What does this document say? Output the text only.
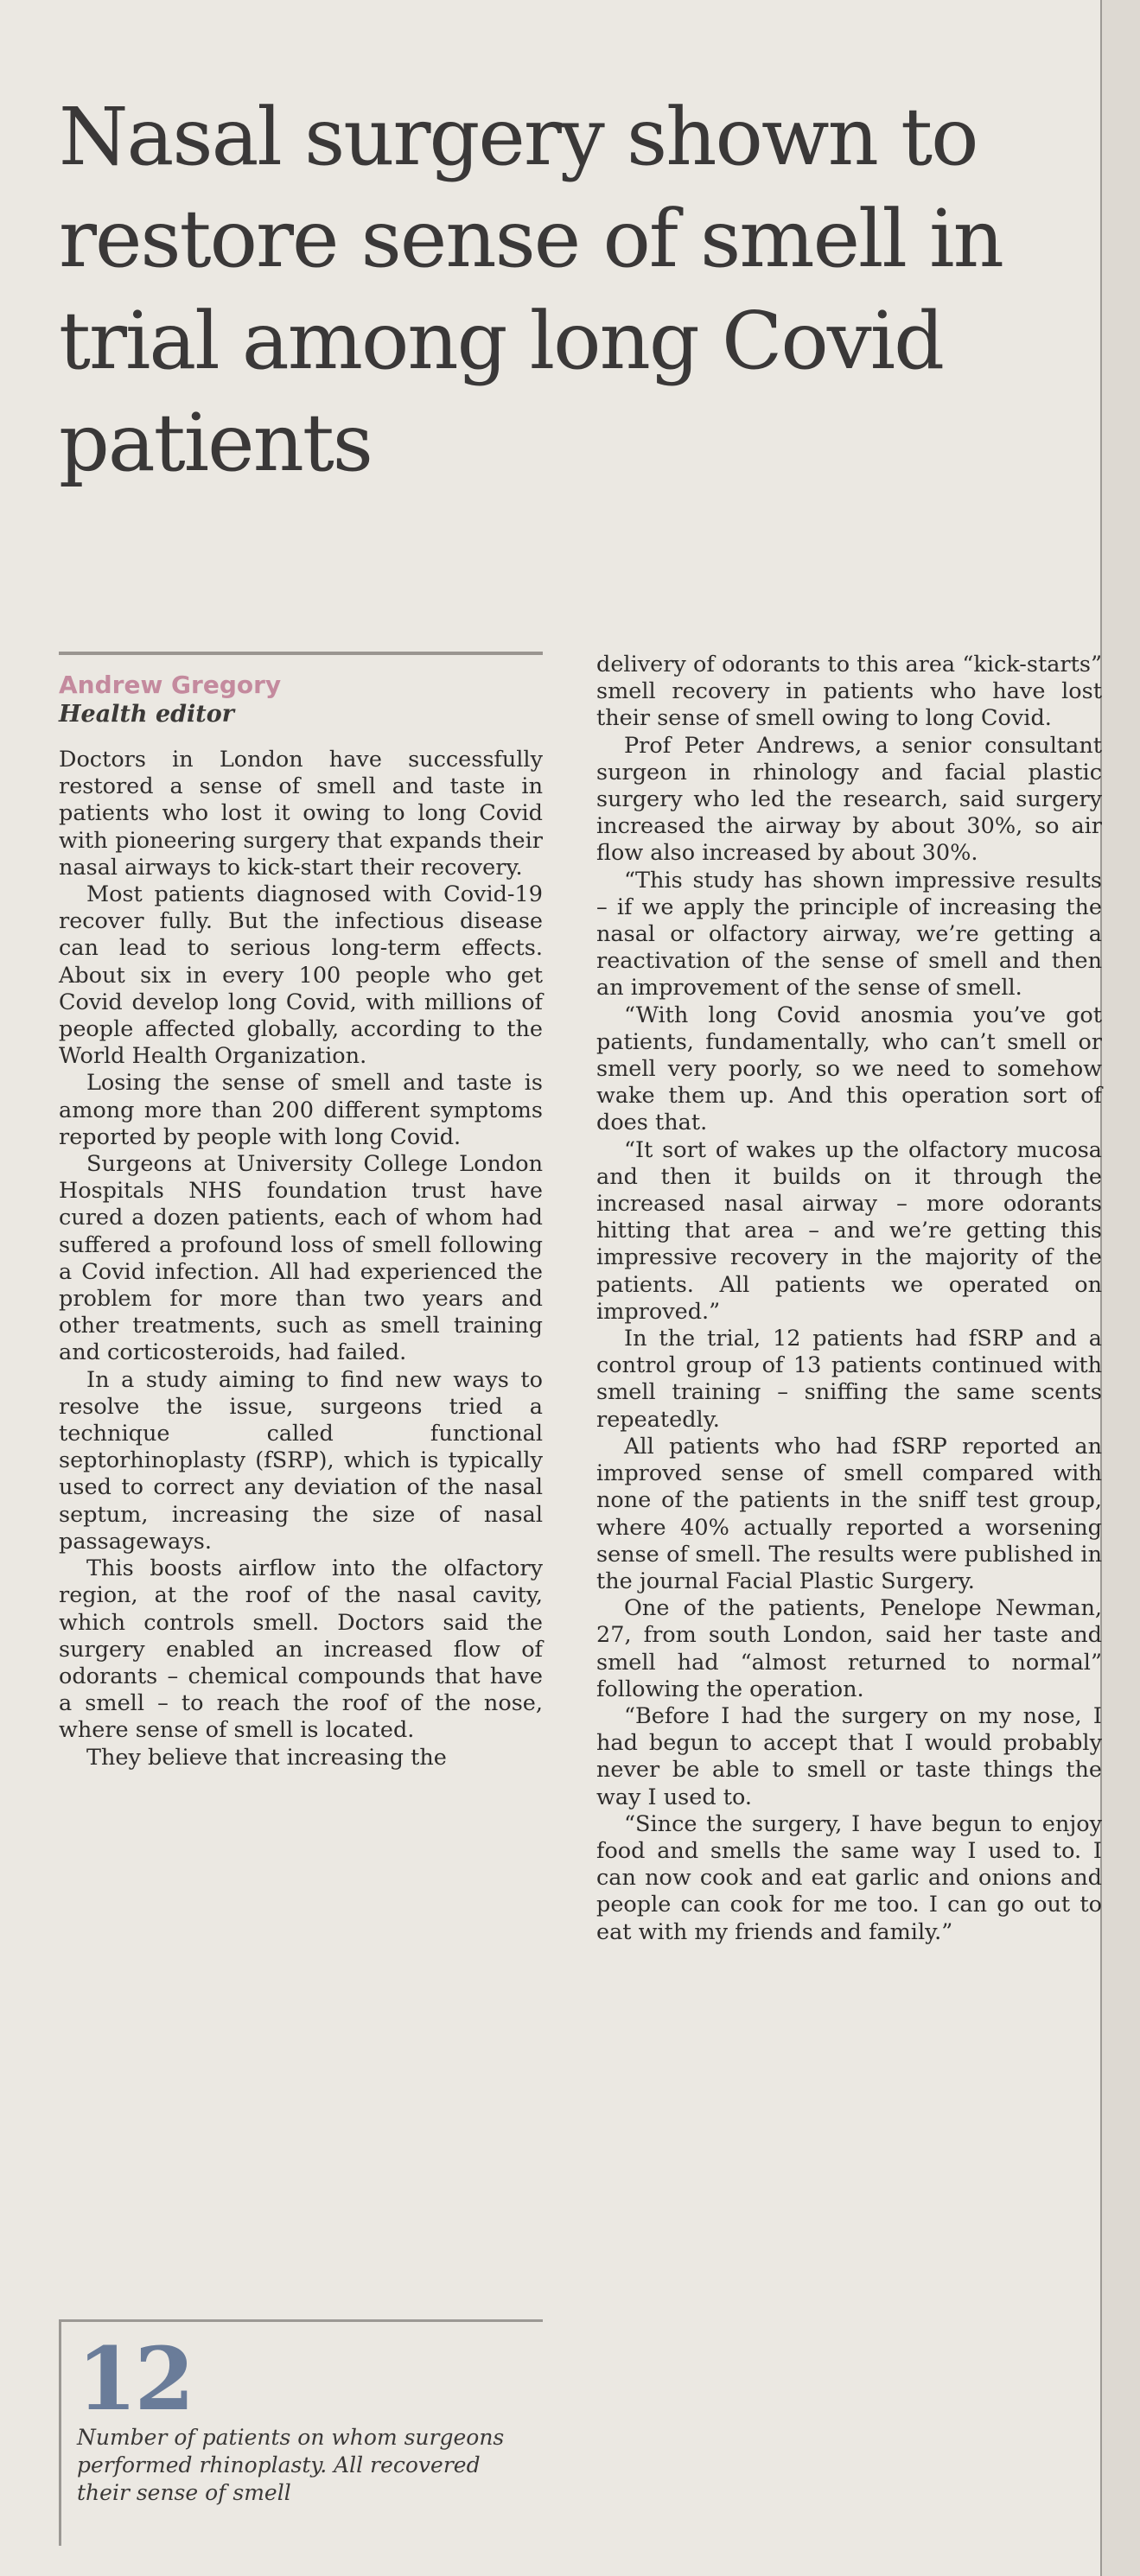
Nasal surgery shown to restore sense of smell in trial among long Covid patients
Andrew Gregory
Health editor

Doctors in London have successfully restored a sense of smell and taste in patients who lost it owing to long Covid with pioneering surgery that expands their nasal airways to kick-start their recovery.

Most patients diagnosed with Covid-19 recover fully. But the infectious disease can lead to serious long-term effects. About six in every 100 people who get Covid develop long Covid, with millions of people affected globally, according to the World Health Organization.

Losing the sense of smell and taste is among more than 200 different symptoms reported by people with long Covid.

Surgeons at University College London Hospitals NHS foundation trust have cured a dozen patients, each of whom had suffered a profound loss of smell following a Covid infection. All had experienced the problem for more than two years and other treatments, such as smell training and corticosteroids, had failed.

In a study aiming to find new ways to resolve the issue, surgeons tried a technique called functional septorhinoplasty (fSRP), which is typically used to correct any deviation of the nasal septum, increasing the size of nasal passageways.

This boosts airflow into the olfactory region, at the roof of the nasal cavity, which controls smell. Doctors said the surgery enabled an increased flow of odorants – chemical compounds that have a smell – to reach the roof of the nose, where sense of smell is located.

They believe that increasing the

delivery of odorants to this area “kick-starts” smell recovery in patients who have lost their sense of smell owing to long Covid.

Prof Peter Andrews, a senior consultant surgeon in rhinology and facial plastic surgery who led the research, said surgery increased the airway by about 30%, so air flow also increased by about 30%.

“This study has shown impressive results – if we apply the principle of increasing the nasal or olfactory airway, we’re getting a reactivation of the sense of smell and then an improvement of the sense of smell.

“With long Covid anosmia you’ve got patients, fundamentally, who can’t smell or smell very poorly, so we need to somehow wake them up. And this operation sort of does that.

“It sort of wakes up the olfactory mucosa and then it builds on it through the increased nasal airway – more odorants hitting that area – and we’re getting this impressive recovery in the majority of the patients. All patients we operated on improved.”

In the trial, 12 patients had fSRP and a control group of 13 patients continued with smell training – sniffing the same scents repeatedly.

All patients who had fSRP reported an improved sense of smell compared with none of the patients in the sniff test group, where 40% actually reported a worsening sense of smell. The results were published in the journal Facial Plastic Surgery.

One of the patients, Penelope Newman, 27, from south London, said her taste and smell had “almost returned to normal” following the operation.

“Before I had the surgery on my nose, I had begun to accept that I would probably never be able to smell or taste things the way I used to.

“Since the surgery, I have begun to enjoy food and smells the same way I used to. I can now cook and eat garlic and onions and people can cook for me too. I can go out to eat with my friends and family.”

12
Number of patients on whom surgeons performed rhinoplasty. All recovered their sense of smell
